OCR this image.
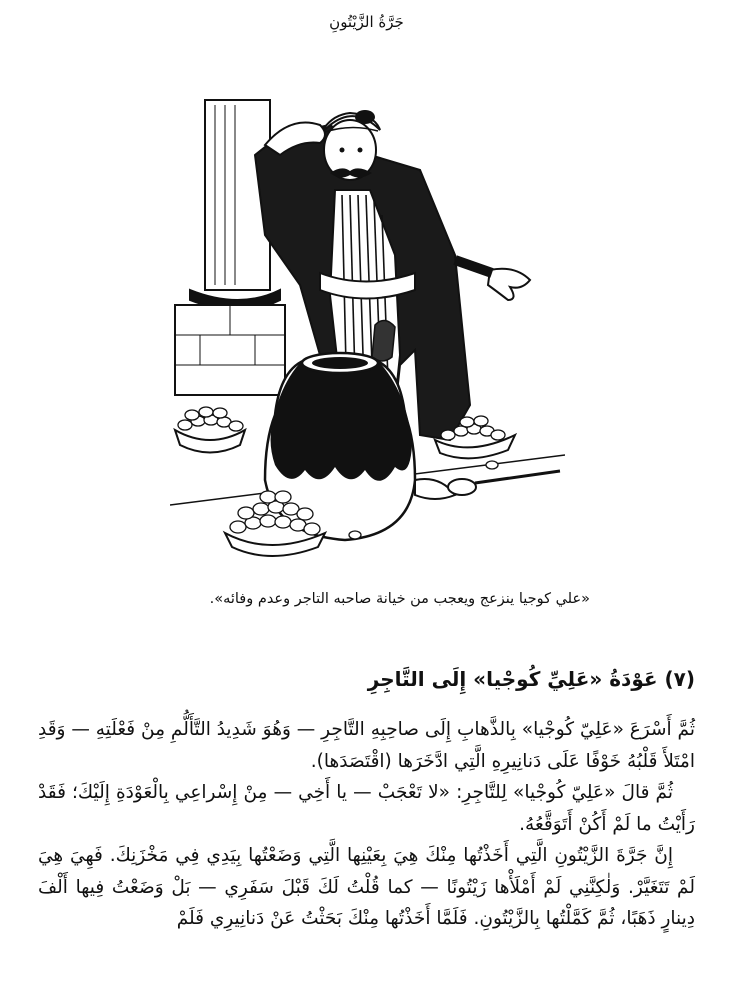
جَرَّةُ الزَّيْتُونِ
«علي كوجيا ينزعج ويعجب من خيانة صاحبه التاجر وعدم وفائه».
(٧) عَوْدَةُ «عَلِيِّ كُوجْيا» إِلَى التَّاجِرِ

ثُمَّ أَسْرَعَ «عَلِيّ كُوجْيا» بِالذَّهابِ إِلَى صاحِبِهِ التَّاجِرِ — وَهُوَ شَدِيدُ التَّأَلُّمِ مِنْ فَعْلَتِهِ — وَقَدِ امْتَلأَ قَلْبُهُ خَوْفًا عَلَى دَنانِيرِهِ الَّتِي ادَّخَرَها (اقْتَصَدَها).

ثُمَّ قالَ «عَلِيّ كُوجْيا» لِلتَّاجِرِ: «لا تَعْجَبْ — يا أَخِي — مِنْ إِسْراعِي بِالْعَوْدَةِ إِلَيْكَ؛ فَقَدْ رَأَيْتُ ما لَمْ أَكُنْ أَتَوَقَّعُهُ.

إِنَّ جَرَّةَ الزَّيْتُونِ الَّتِي أَخَذْتُها مِنْكَ هِيَ بِعَيْنِها الَّتِي وَضَعْتُها بِيَدِي فِي مَخْزَنِكَ. فَهِيَ هِيَ لَمْ تَتَغَيَّرْ. وَلٰكِنَّنِي لَمْ أَمْلَأْها زَيْتُونًا — كما قُلْتُ لَكَ قَبْلَ سَفَرِي — بَلْ وَضَعْتُ فِيها أَلْفَ دِينارٍ ذَهَبًا، ثُمَّ كَمَّلْتُها بِالزَّيْتُونِ. فَلَمَّا أَخَذْتُها مِنْكَ بَحَثْتُ عَنْ دَنانِيرِي فَلَمْ
